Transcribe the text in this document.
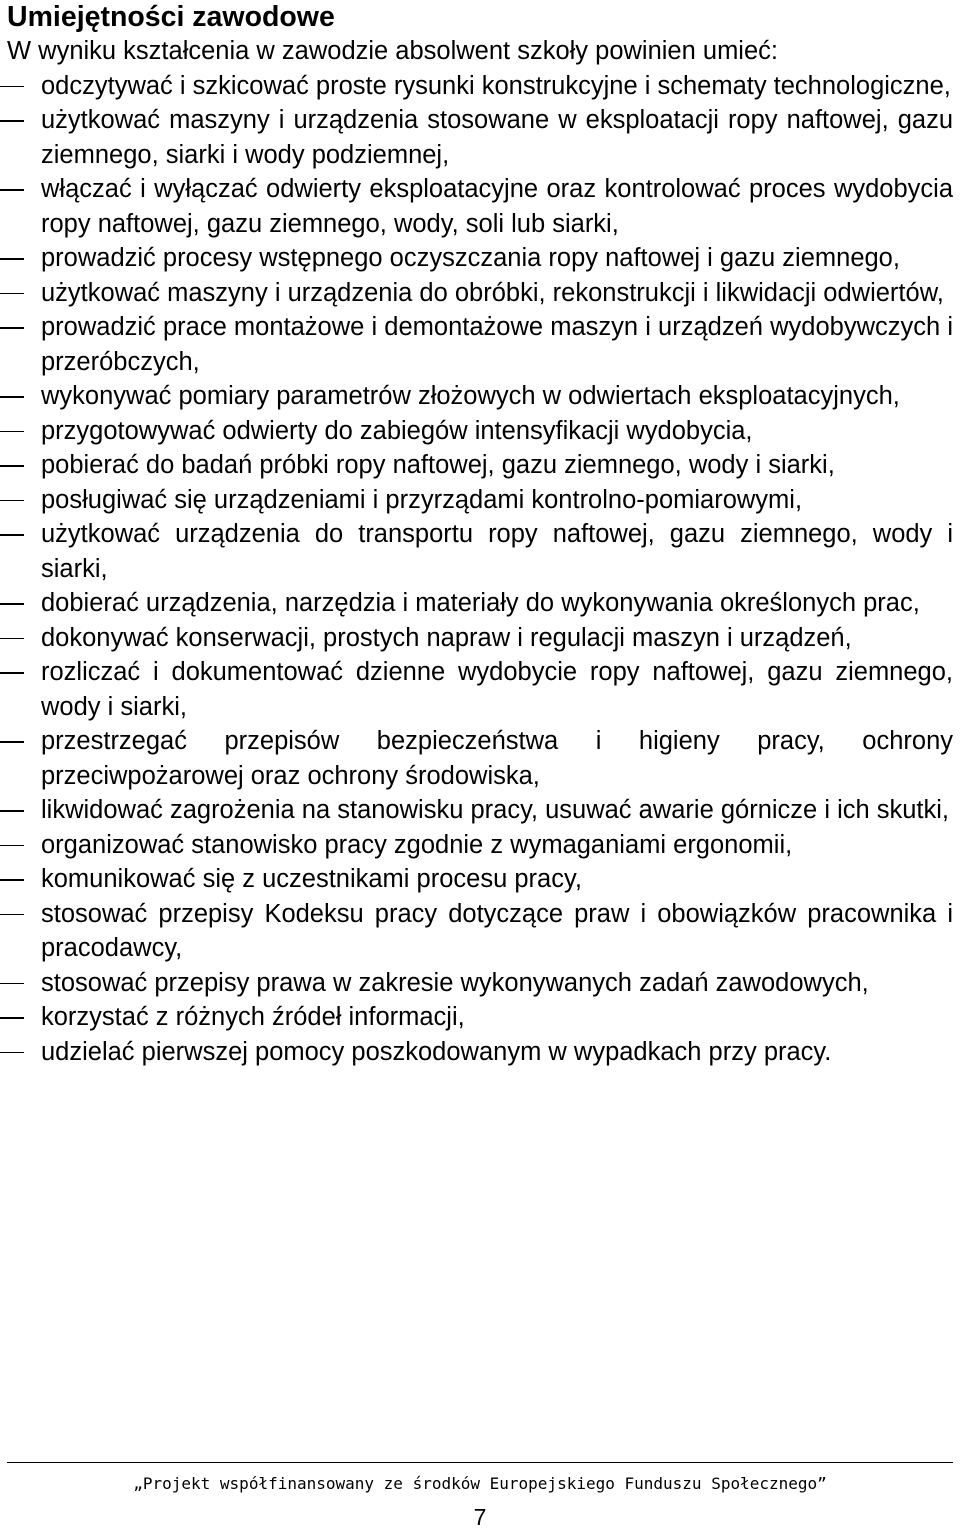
Umiejętności zawodowe

W wyniku kształcenia w zawodzie absolwent szkoły powinien umieć:

odczytywać i szkicować proste rysunki konstrukcyjne i schematy technologiczne,
użytkować maszyny i urządzenia stosowane w eksploatacji ropy naftowej, gazu ziemnego, siarki i wody podziemnej,
włączać i wyłączać odwierty eksploatacyjne oraz kontrolować proces wydobycia ropy naftowej, gazu ziemnego, wody, soli lub siarki,
prowadzić procesy wstępnego oczyszczania ropy naftowej i gazu ziemnego,
użytkować maszyny i urządzenia do obróbki, rekonstrukcji i likwidacji odwiertów,
prowadzić prace montażowe i demontażowe maszyn i urządzeń wydobywczych i przeróbczych,
wykonywać pomiary parametrów złożowych w odwiertach eksploatacyjnych,
przygotowywać odwierty do zabiegów intensyfikacji wydobycia,
pobierać do badań próbki ropy naftowej, gazu ziemnego, wody i siarki,
posługiwać się urządzeniami i przyrządami kontrolno-pomiarowymi,
użytkować urządzenia do transportu ropy naftowej, gazu ziemnego, wody i siarki,
dobierać urządzenia, narzędzia i materiały do wykonywania określonych prac,
dokonywać konserwacji, prostych napraw i regulacji maszyn i urządzeń,
rozliczać i dokumentować dzienne wydobycie ropy naftowej, gazu ziemnego, wody i siarki,
przestrzegać przepisów bezpieczeństwa i higieny pracy, ochrony przeciwpożarowej oraz ochrony środowiska,
likwidować zagrożenia na stanowisku pracy, usuwać awarie górnicze i ich skutki,
organizować stanowisko pracy zgodnie z wymaganiami ergonomii,
komunikować się z uczestnikami procesu pracy,
stosować przepisy Kodeksu pracy dotyczące praw i obowiązków pracownika i pracodawcy,
stosować przepisy prawa w zakresie wykonywanych zadań zawodowych,
korzystać z różnych źródeł informacji,
udzielać pierwszej pomocy poszkodowanym w wypadkach przy pracy.
„Projekt współfinansowany ze środków Europejskiego Funduszu Społecznego”
7
